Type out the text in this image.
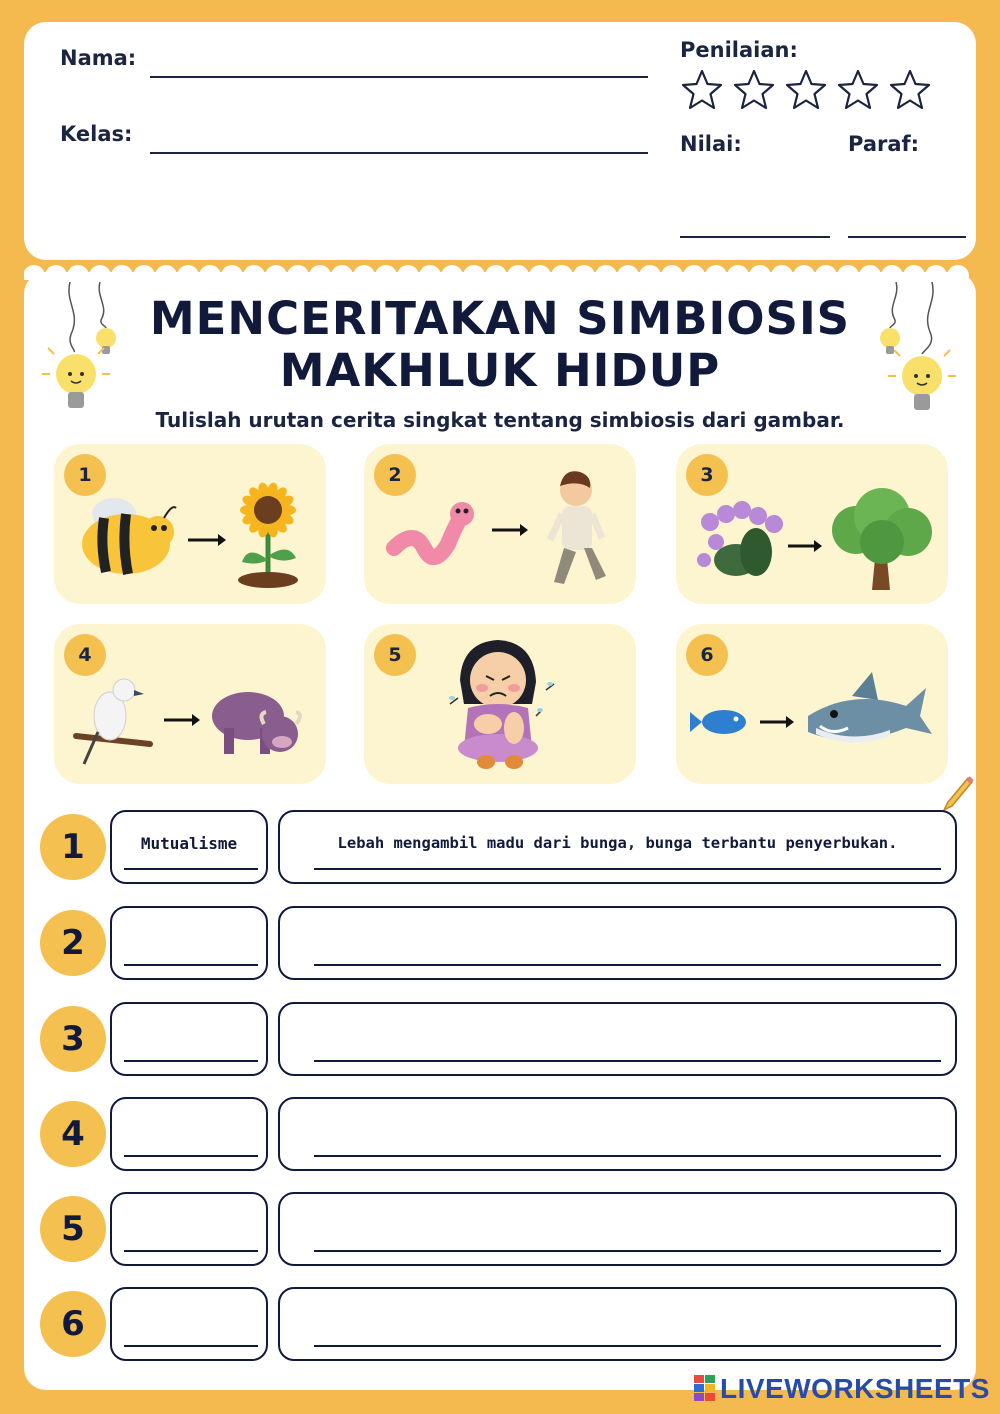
Nama:
Kelas:
Penilaian:
Nilai:	Paraf:
MENCERITAKAN SIMBIOSIS
MAKHLUK HIDUP
Tulislah urutan cerita singkat tentang simbiosis dari gambar.
1	2	3
4	5	6
1	Mutualisme	Lebah mengambil madu dari bunga, bunga terbantu penyerbukan.
2
3
4
5
6
LIVEWORKSHEETS
